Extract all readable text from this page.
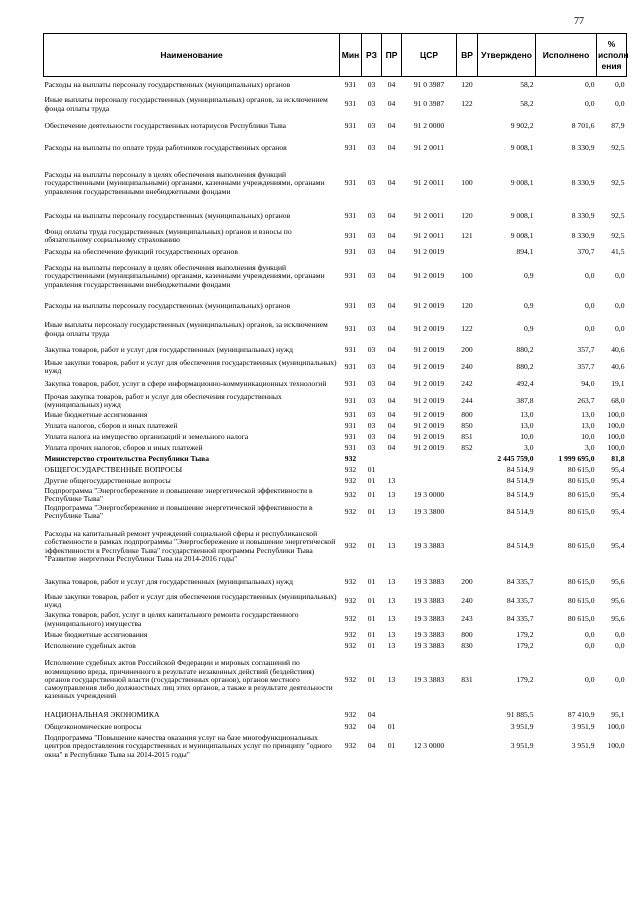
77
Наименование	Мин	РЗ	ПР	ЦСР	ВР	Утверждено	Исполнено	% исполн ения
Расходы на выплаты персоналу государственных (муниципальных) органов	931	03	04	91 0 3987	120	58,2	0,0	0,0
Иные выплаты персоналу государственных (муниципальных) органов, за исключением фонда оплаты труда	931	03	04	91 0 3987	122	58,2	0,0	0,0
Обеспечение деятельности государственных нотариусов Республики Тыва	931	03	04	91 2 0000		9 902,2	8 701,6	87,9
Расходы на выплаты по оплате труда работников государственных органов	931	03	04	91 2 0011		9 008,1	8 330,9	92,5
Расходы на выплаты персоналу в целях обеспечения выполнения функций государственными (муниципальными) органами, казенными учреждениями, органами управления государственными внебюджетными фондами	931	03	04	91 2 0011	100	9 008,1	8 330,9	92,5
Расходы на выплаты персоналу государственных (муниципальных) органов	931	03	04	91 2 0011	120	9 008,1	8 330,9	92,5
Фонд оплаты труда государственных (муниципальных) органов и взносы по обязательному социальному страхованию	931	03	04	91 2 0011	121	9 008,1	8 330,9	92,5
Расходы на обеспечение функций государственных органов	931	03	04	91 2 0019		894,1	370,7	41,5
Расходы на выплаты персоналу в целях обеспечения выполнения функций государственными (муниципальными) органами, казенными учреждениями, органами управления государственными внебюджетными фондами	931	03	04	91 2 0019	100	0,9	0,0	0,0
Расходы на выплаты персоналу государственных (муниципальных) органов	931	03	04	91 2 0019	120	0,9	0,0	0,0
Иные выплаты персоналу государственных (муниципальных) органов, за исключением фонда оплаты труда	931	03	04	91 2 0019	122	0,9	0,0	0,0
Закупка товаров, работ и услуг для государственных (муниципальных) нужд	931	03	04	91 2 0019	200	880,2	357,7	40,6
Иные закупки товаров, работ и услуг для обеспечения государственных (муниципальных) нужд	931	03	04	91 2 0019	240	880,2	357,7	40,6
Закупка товаров, работ, услуг в сфере информационно-коммуникационных технологий	931	03	04	91 2 0019	242	492,4	94,0	19,1
Прочая закупка товаров, работ и услуг для обеспечения государственных (муниципальных) нужд	931	03	04	91 2 0019	244	387,8	263,7	68,0
Иные бюджетные ассигнования	931	03	04	91 2 0019	800	13,0	13,0	100,0
Уплата налогов, сборов и иных платежей	931	03	04	91 2 0019	850	13,0	13,0	100,0
Уплата налога на имущество организаций и земельного налога	931	03	04	91 2 0019	851	10,0	10,0	100,0
Уплата прочих налогов, сборов и иных платежей	931	03	04	91 2 0019	852	3,0	3,0	100,0
Министерство строительства Республики Тыва	932					2 445 759,0	1 999 695,0	81,8
ОБЩЕГОСУДАРСТВЕННЫЕ ВОПРОСЫ	932	01				84 514,9	80 615,0	95,4
Другие общегосударственные вопросы	932	01	13			84 514,9	80 615,0	95,4
Подпрограмма "Энергосбережение и повышение энергетической эффективности в Республике Тыва"	932	01	13	19 3 0000		84 514,9	80 615,0	95,4
Подпрограмма "Энергосбережение и повышение энергетической эффективности в Республике Тыва"	932	01	13	19 3 3800		84 514,9	80 615,0	95,4
Расходы на капитальный ремонт учреждений социальной сферы и республиканской собственности в рамках подпрограммы "Энергосбережение и повышение энергетической эффективности в Республике Тыва" государственной программы Республики Тыва "Развитие энергетики Республики Тыва на 2014-2016 годы"	932	01	13	19 3 3883		84 514,9	80 615,0	95,4
Закупка товаров, работ и услуг для государственных (муниципальных) нужд	932	01	13	19 3 3883	200	84 335,7	80 615,0	95,6
Иные закупки товаров, работ и услуг для обеспечения государственных (муниципальных) нужд	932	01	13	19 3 3883	240	84 335,7	80 615,0	95,6
Закупка товаров, работ, услуг в целях капитального ремонта государственного (муниципального) имущества	932	01	13	19 3 3883	243	84 335,7	80 615,0	95,6
Иные бюджетные ассигнования	932	01	13	19 3 3883	800	179,2	0,0	0,0
Исполнение судебных актов	932	01	13	19 3 3883	830	179,2	0,0	0,0
Исполнение судебных актов Российской Федерации и мировых соглашений по возмещению вреда, причиненного в результате незаконных действий (бездействия) органов государственной власти (государственных органов), органов местного самоуправления либо должностных лиц этих органов, а также в результате деятельности казенных учреждений	932	01	13	19 3 3883	831	179,2	0,0	0,0
НАЦИОНАЛЬНАЯ ЭКОНОМИКА	932	04				91 885,5	87 410,9	95,1
Общеэкономические вопросы	932	04	01			3 951,9	3 951,9	100,0
Подпрограмма "Повышение качества оказания услуг на базе многофункциональных центров предоставления государственных и муниципальных услуг по принципу "одного окна" в Республике Тыва на 2014-2015 годы"	932	04	01	12 3 0000		3 951,9	3 951,9	100,0
